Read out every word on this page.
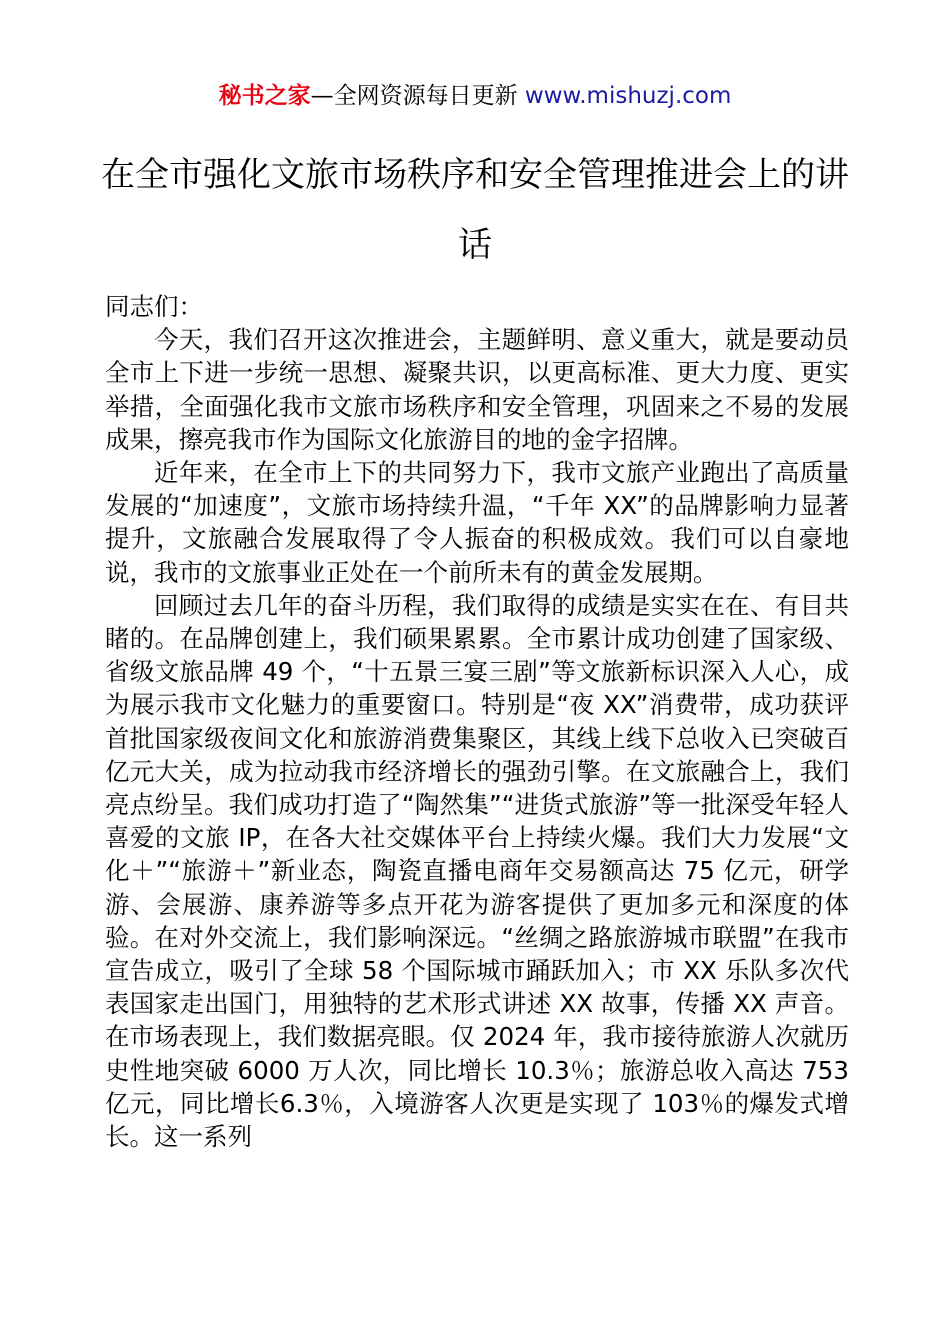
秘书之家—全网资源每日更新 www.mishuzj.com
在全市强化文旅市场秩序和安全管理推进会上的讲话

同志们：

今天，我们召开这次推进会，主题鲜明、意义重大，就是要动员全市上下进一步统一思想、凝聚共识，以更高标准、更大力度、更实举措，全面强化我市文旅市场秩序和安全管理，巩固来之不易的发展成果，擦亮我市作为国际文化旅游目的地的金字招牌。

近年来，在全市上下的共同努力下，我市文旅产业跑出了高质量发展的“加速度”，文旅市场持续升温，“千年 XX”的品牌影响力显著提升，文旅融合发展取得了令人振奋的积极成效。我们可以自豪地说，我市的文旅事业正处在一个前所未有的黄金发展期。

回顾过去几年的奋斗历程，我们取得的成绩是实实在在、有目共睹的。在品牌创建上，我们硕果累累。全市累计成功创建了国家级、省级文旅品牌 49 个，“十五景三宴三剧”等文旅新标识深入人心，成为展示我市文化魅力的重要窗口。特别是“夜 XX”消费带，成功获评首批国家级夜间文化和旅游消费集聚区，其线上线下总收入已突破百亿元大关，成为拉动我市经济增长的强劲引擎。在文旅融合上，我们亮点纷呈。我们成功打造了“陶然集”“进货式旅游”等一批深受年轻人喜爱的文旅 IP，在各大社交媒体平台上持续火爆。我们大力发展“文化＋”“旅游＋”新业态，陶瓷直播电商年交易额高达 75 亿元，研学游、会展游、康养游等多点开花为游客提供了更加多元和深度的体验。在对外交流上，我们影响深远。“丝绸之路旅游城市联盟”在我市宣告成立，吸引了全球 58 个国际城市踊跃加入；市 XX 乐队多次代表国家走出国门，用独特的艺术形式讲述 XX 故事，传播 XX 声音。在市场表现上，我们数据亮眼。仅 2024 年，我市接待旅游人次就历史性地突破 6000 万人次，同比增长 10.3％；旅游总收入高达 753 亿元，同比增长6.3％，入境游客人次更是实现了 103％的爆发式增长。这一系列
